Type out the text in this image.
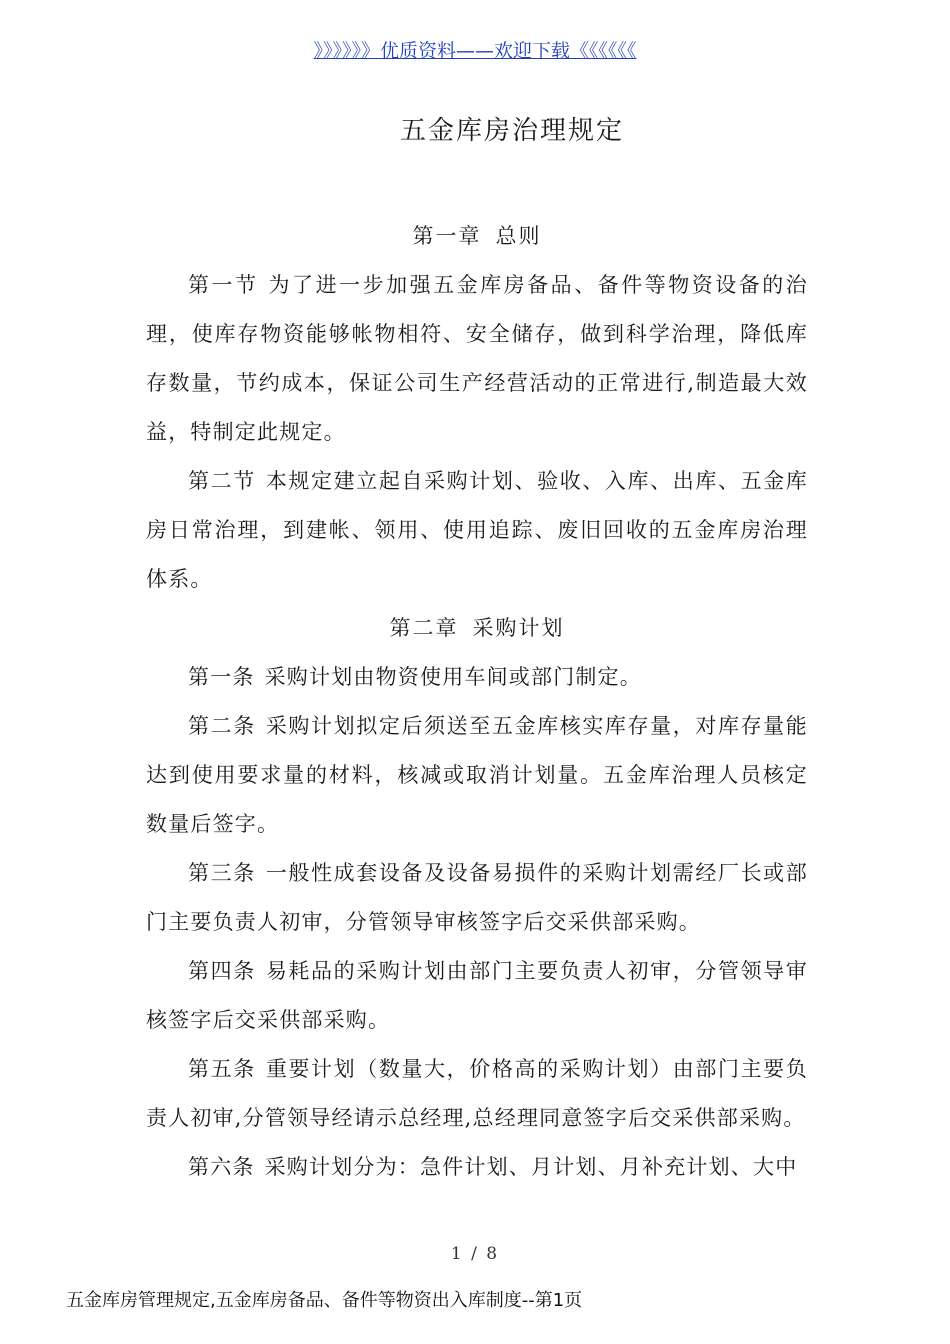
》》》》》》优质资料——欢迎下载《《《《《《
五金库房治理规定
第一章 总则

第一节 为了进一步加强五金库房备品、备件等物资设备的治理，使库存物资能够帐物相符、安全储存，做到科学治理，降低库存数量，节约成本，保证公司生产经营活动的正常进行,制造最大效益，特制定此规定。

第二节 本规定建立起自采购计划、验收、入库、出库、五金库房日常治理，到建帐、领用、使用追踪、废旧回收的五金库房治理体系。

第二章 采购计划

第一条 采购计划由物资使用车间或部门制定。

第二条 采购计划拟定后须送至五金库核实库存量，对库存量能达到使用要求量的材料，核减或取消计划量。五金库治理人员核定数量后签字。

第三条 一般性成套设备及设备易损件的采购计划需经厂长或部门主要负责人初审，分管领导审核签字后交采供部采购。

第四条 易耗品的采购计划由部门主要负责人初审，分管领导审核签字后交采供部采购。

第五条 重要计划（数量大，价格高的采购计划）由部门主要负责人初审,分管领导经请示总经理,总经理同意签字后交采供部采购。

第六条 采购计划分为：急件计划、月计划、月补充计划、大中

1 / 8
五金库房管理规定,五金库房备品、备件等物资出入库制度--第1页
